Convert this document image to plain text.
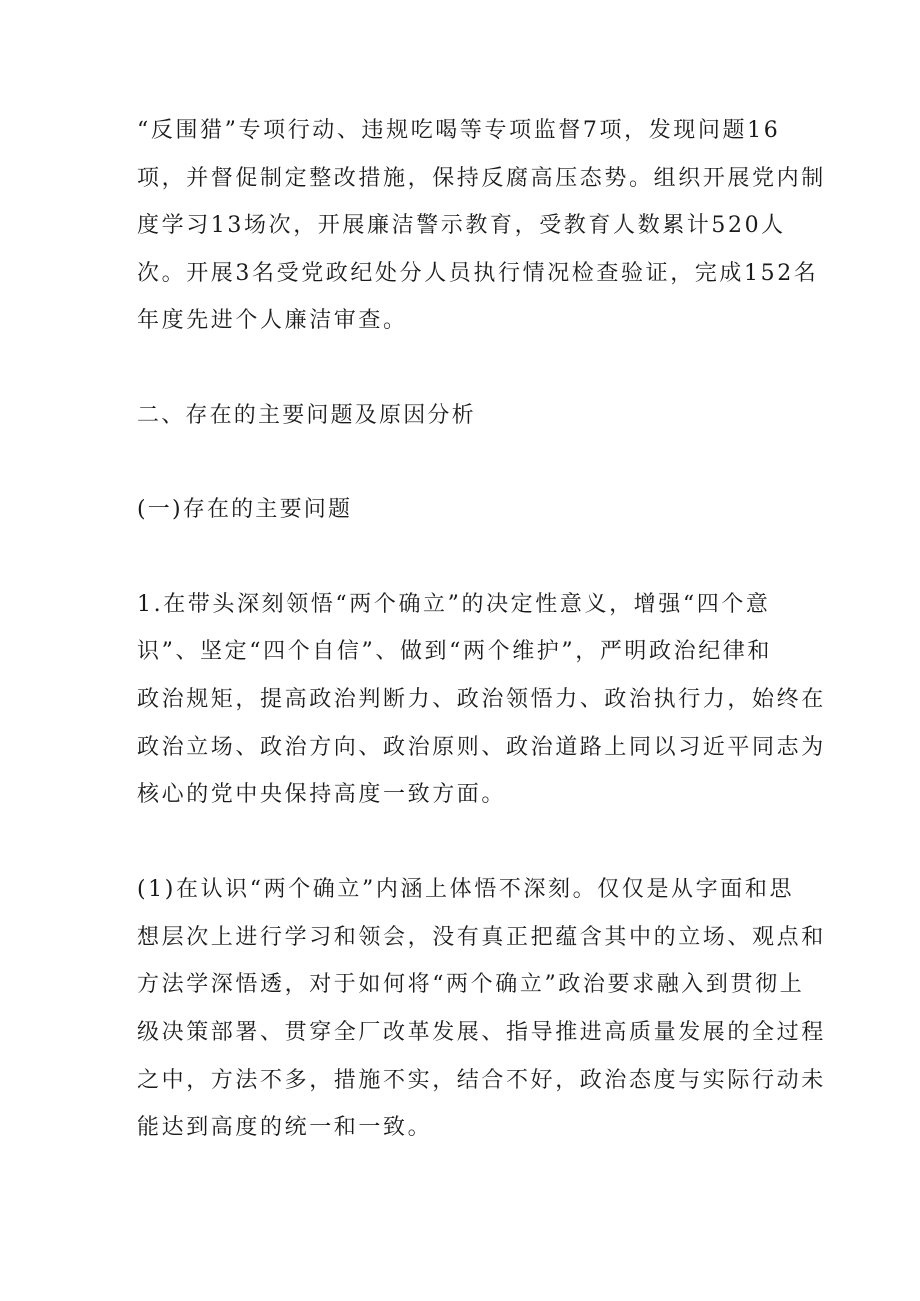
“反围猎”专项行动、违规吃喝等专项监督7项，发现问题16
项，并督促制定整改措施，保持反腐高压态势。组织开展党内制
度学习13场次，开展廉洁警示教育，受教育人数累计520人
次。开展3名受党政纪处分人员执行情况检查验证，完成152名
年度先进个人廉洁审查。
二、存在的主要问题及原因分析
(一)存在的主要问题
1.在带头深刻领悟“两个确立”的决定性意义，增强“四个意
识”、坚定“四个自信”、做到“两个维护”，严明政治纪律和
政治规矩，提高政治判断力、政治领悟力、政治执行力，始终在
政治立场、政治方向、政治原则、政治道路上同以习近平同志为
核心的党中央保持高度一致方面。
(1)在认识“两个确立”内涵上体悟不深刻。仅仅是从字面和思
想层次上进行学习和领会，没有真正把蕴含其中的立场、观点和
方法学深悟透，对于如何将“两个确立”政治要求融入到贯彻上
级决策部署、贯穿全厂改革发展、指导推进高质量发展的全过程
之中，方法不多，措施不实，结合不好，政治态度与实际行动未
能达到高度的统一和一致。
